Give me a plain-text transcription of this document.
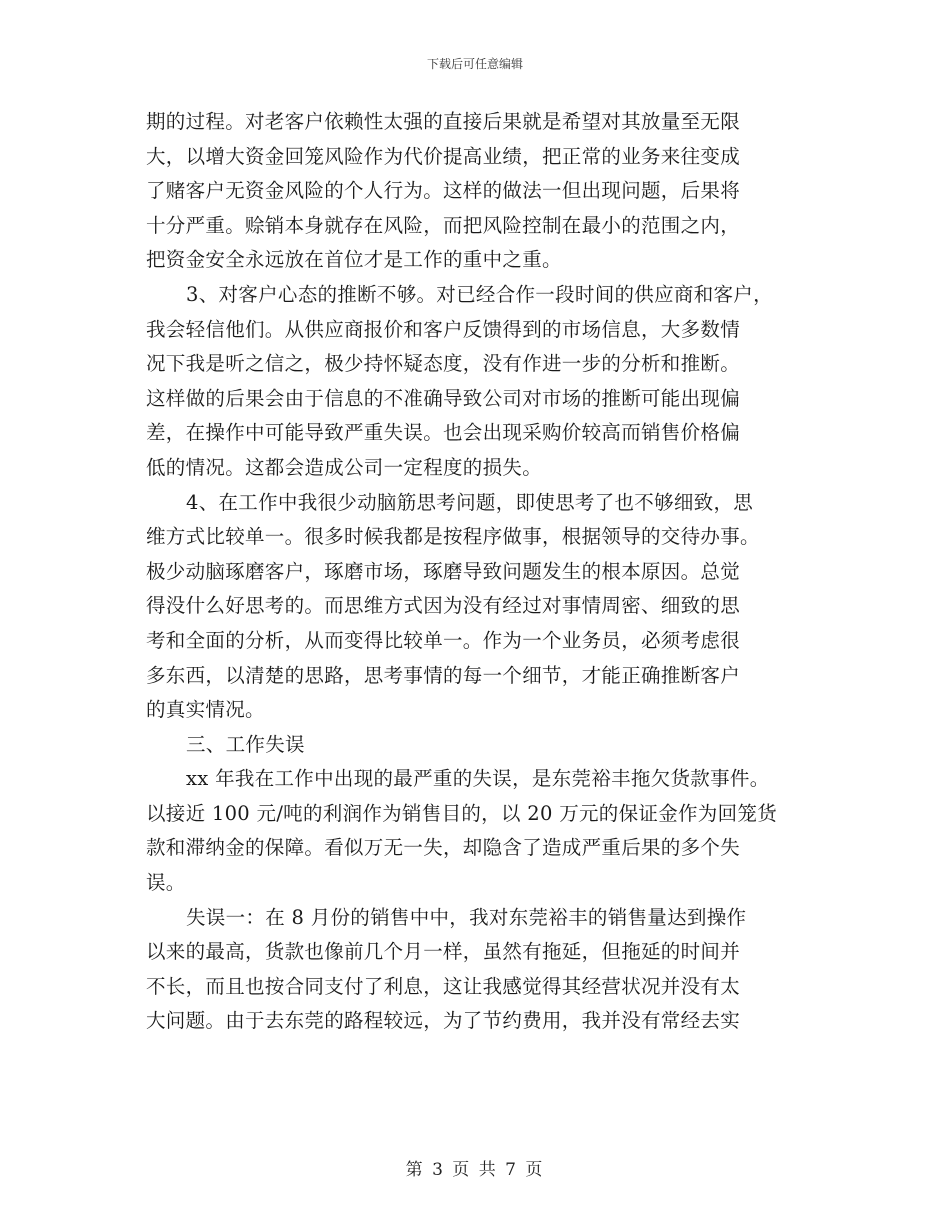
下载后可任意编辑
期的过程。对老客户依赖性太强的直接后果就是希望对其放量至无限
大，以增大资金回笼风险作为代价提高业绩，把正常的业务来往变成
了赌客户无资金风险的个人行为。这样的做法一但出现问题，后果将
十分严重。赊销本身就存在风险，而把风险控制在最小的范围之内，
把资金安全永远放在首位才是工作的重中之重。
3、对客户心态的推断不够。对已经合作一段时间的供应商和客户，
我会轻信他们。从供应商报价和客户反馈得到的市场信息，大多数情
况下我是听之信之，极少持怀疑态度，没有作进一步的分析和推断。
这样做的后果会由于信息的不准确导致公司对市场的推断可能出现偏
差，在操作中可能导致严重失误。也会出现采购价较高而销售价格偏
低的情况。这都会造成公司一定程度的损失。
4、在工作中我很少动脑筋思考问题，即使思考了也不够细致，思
维方式比较单一。很多时候我都是按程序做事，根据领导的交待办事。
极少动脑琢磨客户，琢磨市场，琢磨导致问题发生的根本原因。总觉
得没什么好思考的。而思维方式因为没有经过对事情周密、细致的思
考和全面的分析，从而变得比较单一。作为一个业务员，必须考虑很
多东西，以清楚的思路，思考事情的每一个细节，才能正确推断客户
的真实情况。
三、工作失误
xx 年我在工作中出现的最严重的失误，是东莞裕丰拖欠货款事件。
以接近 100 元/吨的利润作为销售目的，以 20 万元的保证金作为回笼货
款和滞纳金的保障。看似万无一失，却隐含了造成严重后果的多个失
误。
失误一：在 8 月份的销售中中，我对东莞裕丰的销售量达到操作
以来的最高，货款也像前几个月一样，虽然有拖延，但拖延的时间并
不长，而且也按合同支付了利息，这让我感觉得其经营状况并没有太
大问题。由于去东莞的路程较远，为了节约费用，我并没有常经去实
第 3 页 共 7 页
